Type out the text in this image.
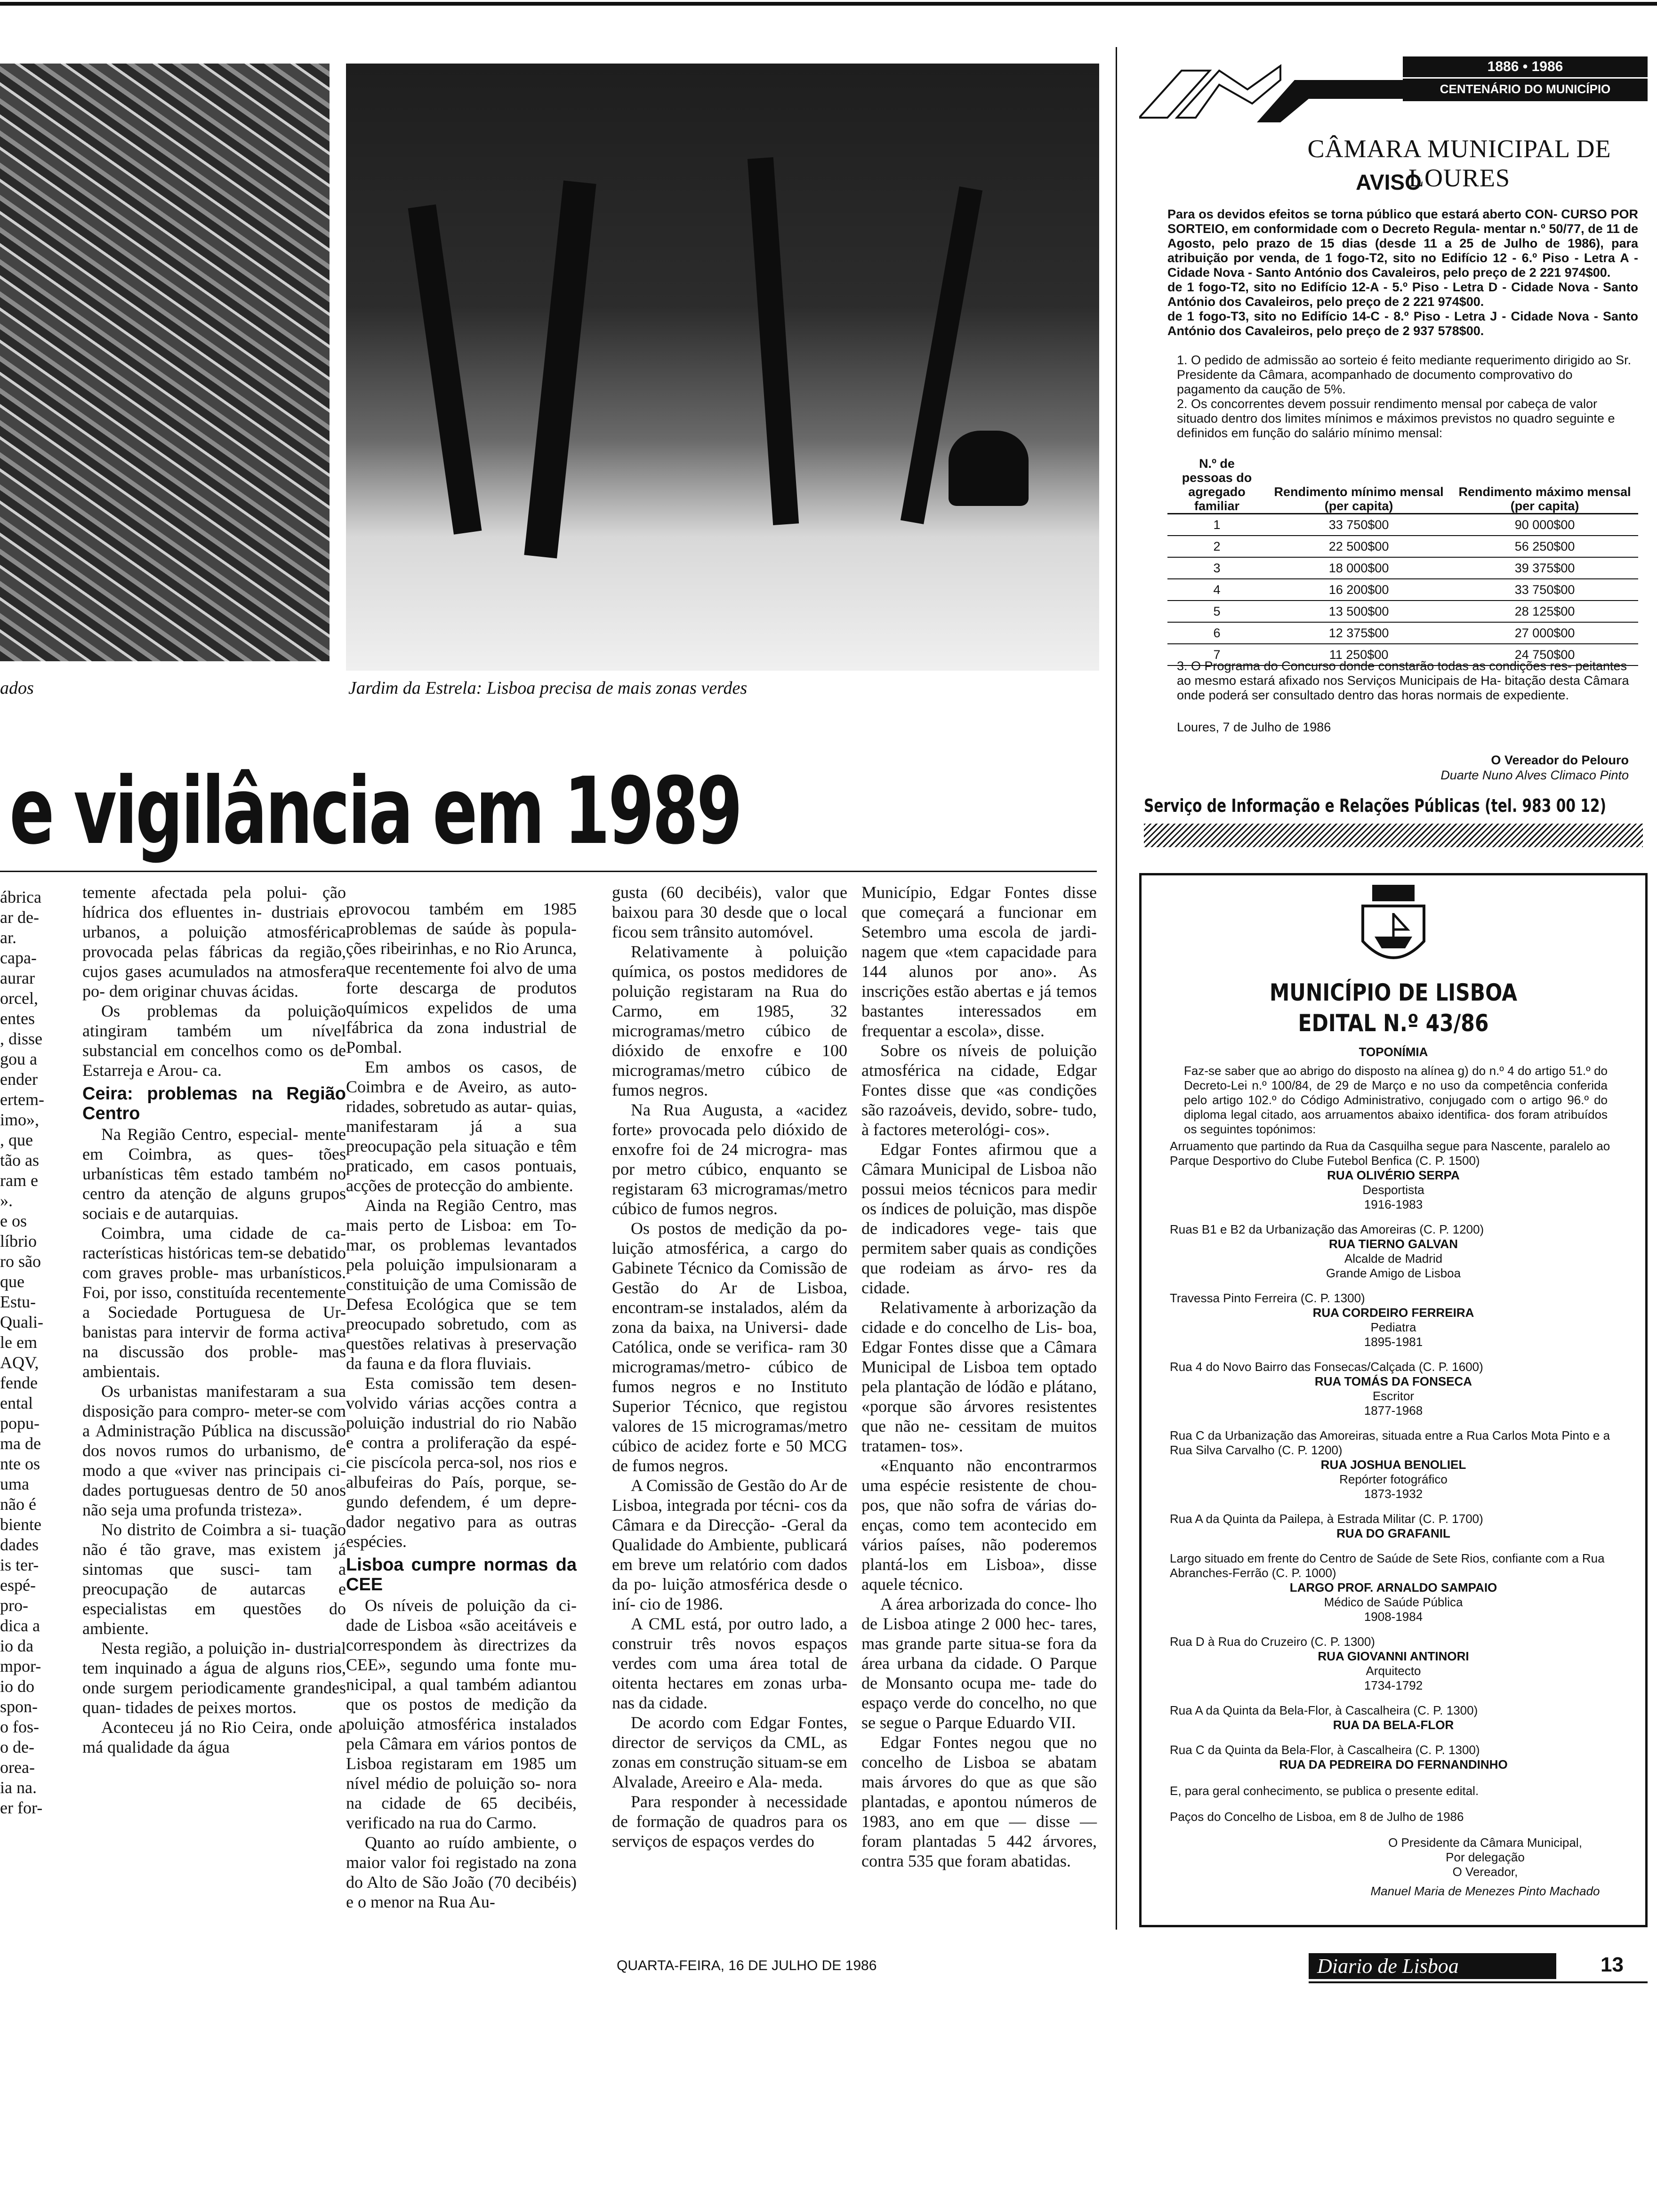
ados	Jardim da Estrela: Lisboa precisa de mais zonas verdes
e vigilância em 1989
ábrica
ar de-
ar.
capa-
aurar
orcel,
entes
, disse
gou a
ender
ertem-
imo»,
, que
tão as
ram e
».
e os
líbrio
ro são
que
Estu-
Quali-
le em
AQV,
fende
ental
popu-
ma de
nte os
uma
não é
biente
dades
is ter-
espé-
pro-
dica a
io da
mpor-
io do
spon-
o fos-
o de-
orea-
ia na.
er for-

temente afectada pela polui- ção hídrica dos efluentes in- dustriais e urbanos, a poluição atmosférica provocada pelas fábricas da região, cujos gases acumulados na atmosfera po- dem originar chuvas ácidas.

Os problemas da poluição atingiram também um nível substancial em concelhos como os de Estarreja e Arou- ca.

Ceira: problemas na Região Centro

Na Região Centro, especial- mente em Coimbra, as ques- tões urbanísticas têm estado também no centro da atenção de alguns grupos sociais e de autarquias.

Coimbra, uma cidade de ca- racterísticas históricas tem-se debatido com graves proble- mas urbanísticos. Foi, por isso, constituída recentemente a Sociedade Portuguesa de Ur- banistas para intervir de forma activa na discussão dos proble- mas ambientais.

Os urbanistas manifestaram a sua disposição para compro- meter-se com a Administração Pública na discussão dos novos rumos do urbanismo, de modo a que «viver nas principais ci- dades portuguesas dentro de 50 anos não seja uma profunda tristeza».

No distrito de Coimbra a si- tuação não é tão grave, mas existem já sintomas que susci- tam a preocupação de autarcas e especialistas em questões do ambiente.

Nesta região, a poluição in- dustrial tem inquinado a água de alguns rios, onde surgem periodicamente grandes quan- tidades de peixes mortos.

Aconteceu já no Rio Ceira, onde a má qualidade da água

provocou também em 1985 problemas de saúde às popula- ções ribeirinhas, e no Rio Arunca, que recentemente foi alvo de uma forte descarga de produtos químicos expelidos de uma fábrica da zona industrial de Pombal.

Em ambos os casos, de Coimbra e de Aveiro, as auto- ridades, sobretudo as autar- quias, manifestaram já a sua preocupação pela situação e têm praticado, em casos pontuais, acções de protecção do ambiente.

Ainda na Região Centro, mas mais perto de Lisboa: em To- mar, os problemas levantados pela poluição impulsionaram a constituição de uma Comissão de Defesa Ecológica que se tem preocupado sobretudo, com as questões relativas à preservação da fauna e da flora fluviais.

Esta comissão tem desen- volvido várias acções contra a poluição industrial do rio Nabão e contra a proliferação da espé- cie piscícola perca-sol, nos rios e albufeiras do País, porque, se- gundo defendem, é um depre- dador negativo para as outras espécies.

Lisboa cumpre normas da CEE

Os níveis de poluição da ci- dade de Lisboa «são aceitáveis e correspondem às directrizes da CEE», segundo uma fonte mu- nicipal, a qual também adiantou que os postos de medição da poluição atmosférica instalados pela Câmara em vários pontos de Lisboa registaram em 1985 um nível médio de poluição so- nora na cidade de 65 decibéis, verificado na rua do Carmo.

Quanto ao ruído ambiente, o maior valor foi registado na zona do Alto de São João (70 decibéis) e o menor na Rua Au-

gusta (60 decibéis), valor que baixou para 30 desde que o local ficou sem trânsito automóvel.

Relativamente à poluição química, os postos medidores de poluição registaram na Rua do Carmo, em 1985, 32 microgramas/metro cúbico de dióxido de enxofre e 100 microgramas/metro cúbico de fumos negros.

Na Rua Augusta, a «acidez forte» provocada pelo dióxido de enxofre foi de 24 microgra- mas por metro cúbico, enquanto se registaram 63 microgramas/metro cúbico de fumos negros.

Os postos de medição da po- luição atmosférica, a cargo do Gabinete Técnico da Comissão de Gestão do Ar de Lisboa, encontram-se instalados, além da zona da baixa, na Universi- dade Católica, onde se verifica- ram 30 microgramas/metro- cúbico de fumos negros e no Instituto Superior Técnico, que registou valores de 15 microgramas/metro cúbico de acidez forte e 50 MCG de fumos negros.

A Comissão de Gestão do Ar de Lisboa, integrada por técni- cos da Câmara e da Direcção- -Geral da Qualidade do Ambiente, publicará em breve um relatório com dados da po- luição atmosférica desde o iní- cio de 1986.

A CML está, por outro lado, a construir três novos espaços verdes com uma área total de oitenta hectares em zonas urba- nas da cidade.

De acordo com Edgar Fontes, director de serviços da CML, as zonas em construção situam-se em Alvalade, Areeiro e Ala- meda.

Para responder à necessidade de formação de quadros para os serviços de espaços verdes do

Município, Edgar Fontes disse que começará a funcionar em Setembro uma escola de jardi- nagem que «tem capacidade para 144 alunos por ano». As inscrições estão abertas e já temos bastantes interessados em frequentar a escola», disse.

Sobre os níveis de poluição atmosférica na cidade, Edgar Fontes disse que «as condições são razoáveis, devido, sobre- tudo, à factores meterológi- cos».

Edgar Fontes afirmou que a Câmara Municipal de Lisboa não possui meios técnicos para medir os índices de poluição, mas dispõe de indicadores vege- tais que permitem saber quais as condições que rodeiam as árvo- res da cidade.

Relativamente à arborização da cidade e do concelho de Lis- boa, Edgar Fontes disse que a Câmara Municipal de Lisboa tem optado pela plantação de lódão e plátano, «porque são árvores resistentes que não ne- cessitam de muitos tratamen- tos».

«Enquanto não encontrarmos uma espécie resistente de chou- pos, que não sofra de várias do- enças, como tem acontecido em vários países, não poderemos plantá-los em Lisboa», disse aquele técnico.

A área arborizada do conce- lho de Lisboa atinge 2 000 hec- tares, mas grande parte situa-se fora da área urbana da cidade. O Parque de Monsanto ocupa me- tade do espaço verde do concelho, no que se segue o Parque Eduardo VII.

Edgar Fontes negou que no concelho de Lisboa se abatam mais árvores do que as que são plantadas, e apontou números de 1983, ano em que — disse — foram plantadas 5 442 árvores, contra 535 que foram abatidas.

1886 • 1986
CENTENÁRIO DO MUNICÍPIO
CÂMARA MUNICIPAL DE LOURES
AVISO
Para os devidos efeitos se torna público que estará aberto CON- CURSO POR SORTEIO, em conformidade com o Decreto Regula- mentar n.º 50/77, de 11 de Agosto, pelo prazo de 15 dias (desde 11 a 25 de Julho de 1986), para atribuição por venda, de 1 fogo-T2, sito no Edifício 12 - 6.º Piso - Letra A - Cidade Nova - Santo António dos Cavaleiros, pelo preço de 2 221 974$00.
de 1 fogo-T2, sito no Edifício 12-A - 5.º Piso - Letra D - Cidade Nova - Santo António dos Cavaleiros, pelo preço de 2 221 974$00.
de 1 fogo-T3, sito no Edifício 14-C - 8.º Piso - Letra J - Cidade Nova - Santo António dos Cavaleiros, pelo preço de 2 937 578$00.
1. O pedido de admissão ao sorteio é feito mediante requerimento dirigido ao Sr. Presidente da Câmara, acompanhado de documento comprovativo do pagamento da caução de 5%.
2. Os concorrentes devem possuir rendimento mensal por cabeça de valor situado dentro dos limites mínimos e máximos previstos no quadro seguinte e definidos em função do salário mínimo mensal:
N.º de pessoas do agregado familiar	Rendimento mínimo mensal (per capita)	Rendimento máximo mensal (per capita)
1	33 750$00	90 000$00
2	22 500$00	56 250$00
3	18 000$00	39 375$00
4	16 200$00	33 750$00
5	13 500$00	28 125$00
6	12 375$00	27 000$00
7	11 250$00	24 750$00
3. O Programa do Concurso donde constarão todas as condições res- peitantes ao mesmo estará afixado nos Serviços Municipais de Ha- bitação desta Câmara onde poderá ser consultado dentro das horas normais de expediente.
Loures, 7 de Julho de 1986
O Vereador do Pelouro
Duarte Nuno Alves Climaco Pinto
Serviço de Informação e Relações Públicas (tel. 983 00 12)
MUNICÍPIO DE LISBOA
EDITAL N.º 43/86
TOPONÍMIA
Faz-se saber que ao abrigo do disposto na alínea g) do n.º 4 do artigo 51.º do Decreto-Lei n.º 100/84, de 29 de Março e no uso da competência conferida pelo artigo 102.º do Código Administrativo, conjugado com o artigo 96.º do diploma legal citado, aos arruamentos abaixo identifica- dos foram atribuídos os seguintes topónimos:
Arruamento que partindo da Rua da Casquilha segue para Nascente, paralelo ao Parque Desportivo do Clube Futebol Benfica (C. P. 1500)
RUA OLIVÉRIO SERPA
Desportista
1916-1983
Ruas B1 e B2 da Urbanização das Amoreiras (C. P. 1200)
RUA TIERNO GALVAN
Alcalde de Madrid
Grande Amigo de Lisboa
Travessa Pinto Ferreira (C. P. 1300)
RUA CORDEIRO FERREIRA
Pediatra
1895-1981
Rua 4 do Novo Bairro das Fonsecas/Calçada (C. P. 1600)
RUA TOMÁS DA FONSECA
Escritor
1877-1968
Rua C da Urbanização das Amoreiras, situada entre a Rua Carlos Mota Pinto e a Rua Silva Carvalho (C. P. 1200)
RUA JOSHUA BENOLIEL
Repórter fotográfico
1873-1932
Rua A da Quinta da Pailepa, à Estrada Militar (C. P. 1700)
RUA DO GRAFANIL
Largo situado em frente do Centro de Saúde de Sete Rios, confiante com a Rua Abranches-Ferrão (C. P. 1000)
LARGO PROF. ARNALDO SAMPAIO
Médico de Saúde Pública
1908-1984
Rua D à Rua do Cruzeiro (C. P. 1300)
RUA GIOVANNI ANTINORI
Arquitecto
1734-1792
Rua A da Quinta da Bela-Flor, à Cascalheira (C. P. 1300)
RUA DA BELA-FLOR
Rua C da Quinta da Bela-Flor, à Cascalheira (C. P. 1300)
RUA DA PEDREIRA DO FERNANDINHO
E, para geral conhecimento, se publica o presente edital.
Paços do Concelho de Lisboa, em 8 de Julho de 1986
O Presidente da Câmara Municipal,
Por delegação
O Vereador,
Manuel Maria de Menezes Pinto Machado
QUARTA-FEIRA, 16 DE JULHO DE 1986	Diario de Lisboa	13
